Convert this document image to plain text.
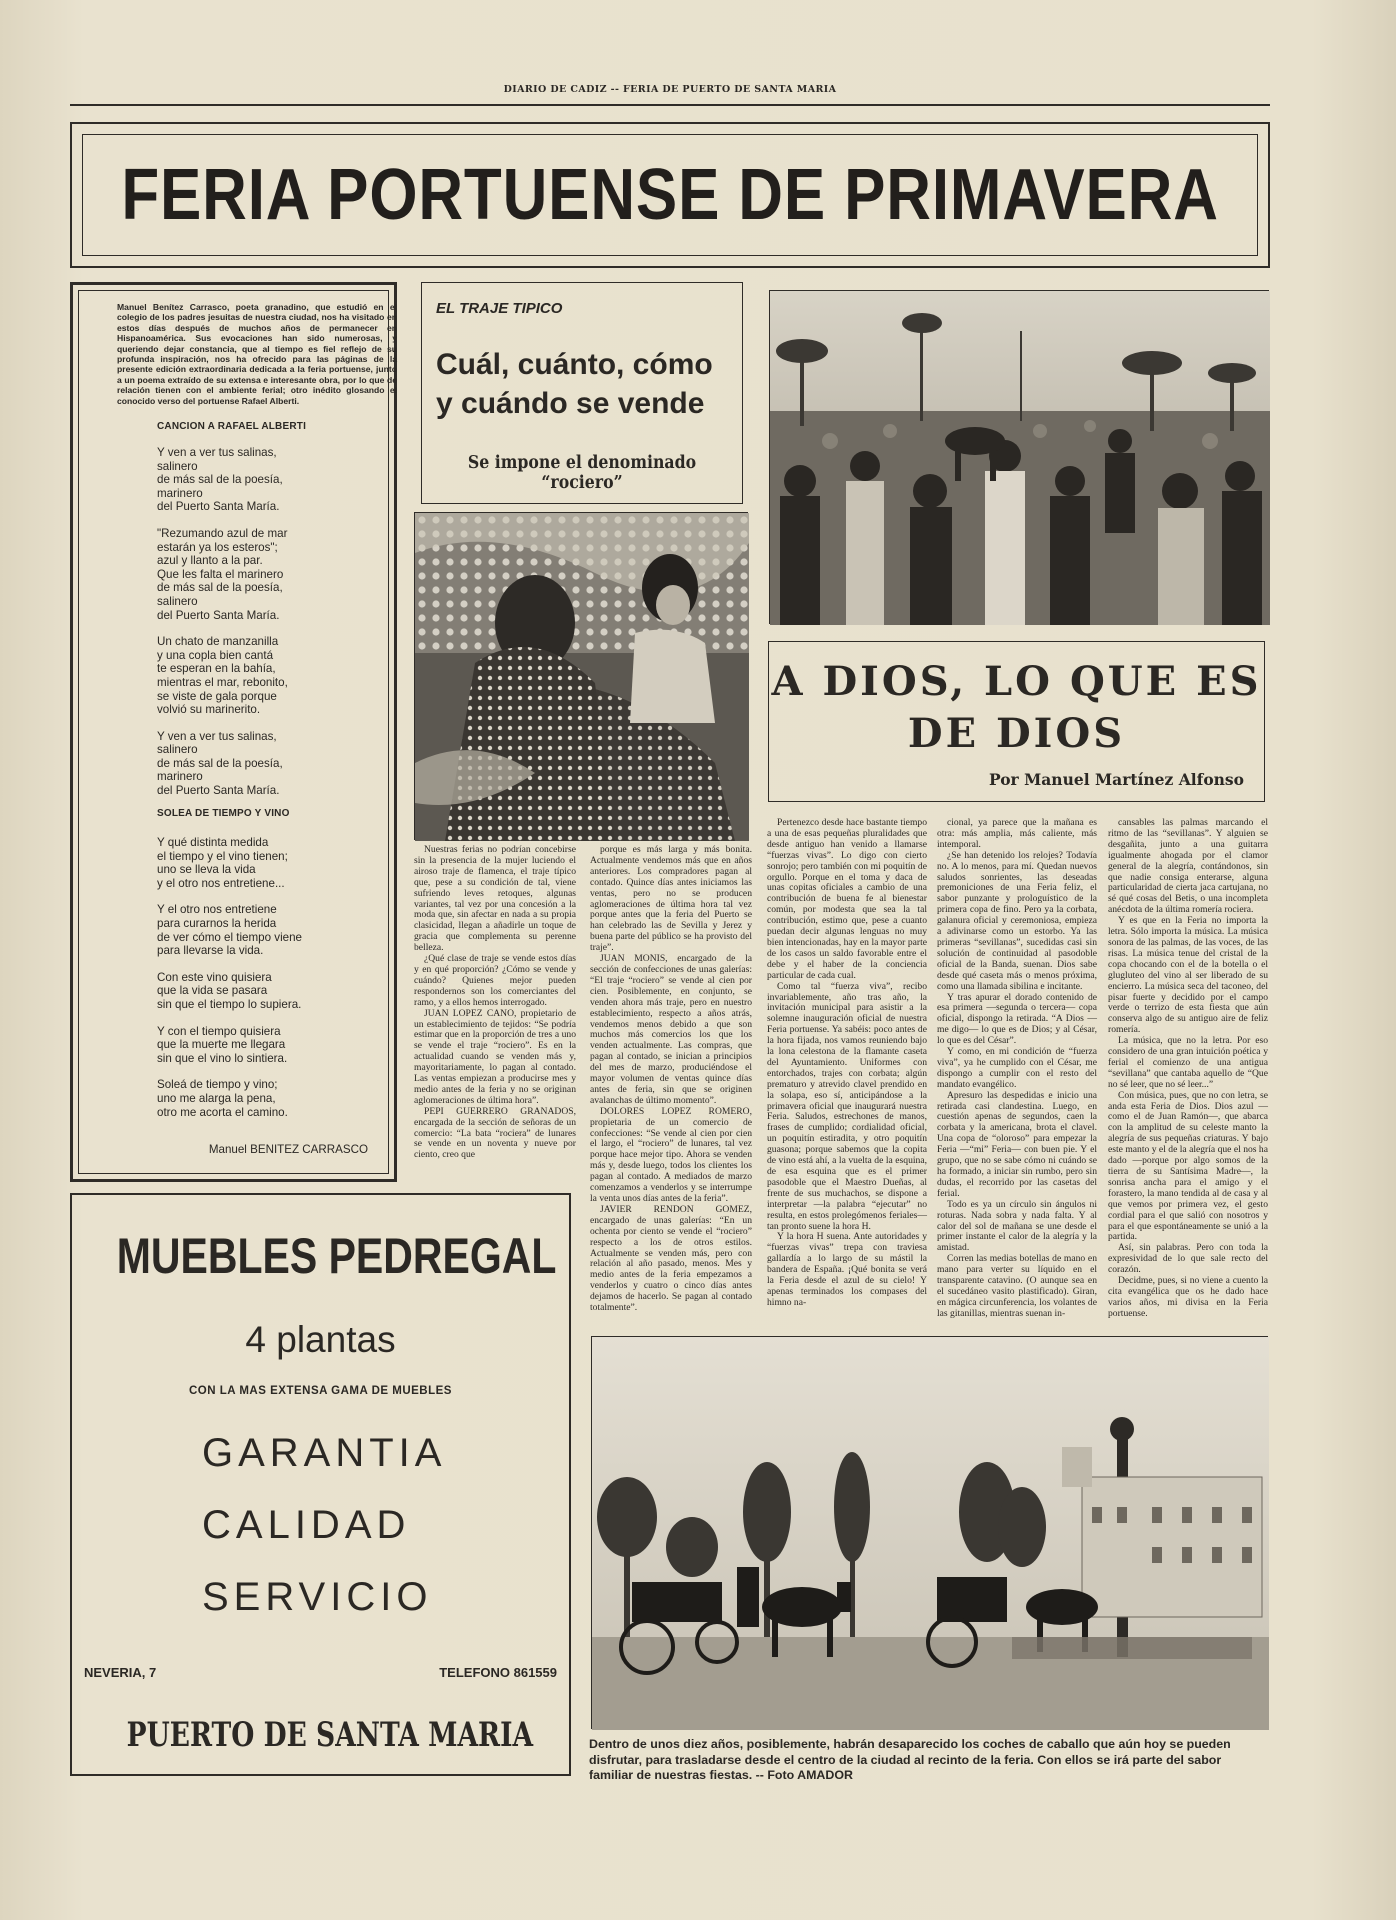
DIARIO DE CADIZ -- FERIA DE PUERTO DE SANTA MARIA
FERIA PORTUENSE DE PRIMAVERA
Manuel Benítez Carrasco, poeta granadino, que estudió en el colegio de los padres jesuitas de nuestra ciudad, nos ha visitado en estos días después de muchos años de permanecer en Hispanoamérica. Sus evocaciones han sido numerosas, y queriendo dejar constancia, que al tiempo es fiel reflejo de su profunda inspiración, nos ha ofrecido para las páginas de la presente edición extraordinaria dedicada a la feria portuense, junto a un poema extraído de su extensa e interesante obra, por lo que de relación tienen con el ambiente ferial; otro inédito glosando el conocido verso del portuense Rafael Alberti.
CANCION A RAFAEL ALBERTI
Y ven a ver tus salinas,
salinero
de más sal de la poesía,
marinero
del Puerto Santa María.
"Rezumando azul de mar
estarán ya los esteros";
azul y llanto a la par.
Que les falta el marinero
de más sal de la poesía,
salinero
del Puerto Santa María.
Un chato de manzanilla
y una copla bien cantá
te esperan en la bahía,
mientras el mar, rebonito,
se viste de gala porque
volvió su marinerito.
Y ven a ver tus salinas,
salinero
de más sal de la poesía,
marinero
del Puerto Santa María.
SOLEA DE TIEMPO Y VINO
Y qué distinta medida
el tiempo y el vino tienen;
uno se lleva la vida
y el otro nos entretiene...
Y el otro nos entretiene
para curarnos la herida
de ver cómo el tiempo viene
para llevarse la vida.
Con este vino quisiera
que la vida se pasara
sin que el tiempo lo supiera.
Y con el tiempo quisiera
que la muerte me llegara
sin que el vino lo sintiera.
Soleá de tiempo y vino;
uno me alarga la pena,
otro me acorta el camino.
Manuel BENITEZ CARRASCO
EL TRAJE TIPICO
Cuál, cuánto, cómo y cuándo se vende
Se impone el denominado “rociero”
A DIOS, LO QUE ES DE DIOS
Por Manuel Martínez Alfonso

Nuestras ferias no podrían concebirse sin la presencia de la mujer luciendo el airoso traje de flamenca, el traje típico que, pese a su condición de tal, viene sufriendo leves retoques, algunas variantes, tal vez por una concesión a la moda que, sin afectar en nada a su propia clasicidad, llegan a añadirle un toque de gracia que complementa su perenne belleza.

¿Qué clase de traje se vende estos días y en qué proporción? ¿Cómo se vende y cuándo? Quienes mejor pueden respondernos son los comerciantes del ramo, y a ellos hemos interrogado.

JUAN LOPEZ CANO, propietario de un establecimiento de tejidos: “Se podría estimar que en la proporción de tres a uno se vende el traje “rociero”. Es en la actualidad cuando se venden más y, mayoritariamente, lo pagan al contado. Las ventas empiezan a producirse mes y medio antes de la feria y no se originan aglomeraciones de última hora”.

PEPI GUERRERO GRANADOS, encargada de la sección de señoras de un comercio: “La bata “rociera” de lunares se vende en un noventa y nueve por ciento, creo que

porque es más larga y más bonita. Actualmente vendemos más que en años anteriores. Los compradores pagan al contado. Quince días antes iniciamos las ventas, pero no se producen aglomeraciones de última hora tal vez porque antes que la feria del Puerto se han celebrado las de Sevilla y Jerez y buena parte del público se ha provisto del traje”.

JUAN MONIS, encargado de la sección de confecciones de unas galerías: “El traje “rociero” se vende al cien por cien. Posiblemente, en conjunto, se venden ahora más traje, pero en nuestro establecimiento, respecto a años atrás, vendemos menos debido a que son muchos más comercios los que los venden actualmente. Las compras, que pagan al contado, se inician a principios del mes de marzo, produciéndose el mayor volumen de ventas quince días antes de feria, sin que se originen avalanchas de último momento”.

DOLORES LOPEZ ROMERO, propietaria de un comercio de confecciones: “Se vende al cien por cien el largo, el “rociero” de lunares, tal vez porque hace mejor tipo. Ahora se venden más y, desde luego, todos los clientes los pagan al contado. A mediados de marzo comenzamos a venderlos y se interrumpe la venta unos días antes de la feria”.

JAVIER RENDON GOMEZ, encargado de unas galerías: “En un ochenta por ciento se vende el “rociero” respecto a los de otros estilos. Actualmente se venden más, pero con relación al año pasado, menos. Mes y medio antes de la feria empezamos a venderlos y cuatro o cinco días antes dejamos de hacerlo. Se pagan al contado totalmente”.

Pertenezco desde hace bastante tiempo a una de esas pequeñas pluralidades que desde antiguo han venido a llamarse “fuerzas vivas”. Lo digo con cierto sonrojo; pero también con mi poquitín de orgullo. Porque en el toma y daca de unas copitas oficiales a cambio de una contribución de buena fe al bienestar común, por modesta que sea la tal contribución, estimo que, pese a cuanto puedan decir algunas lenguas no muy bien intencionadas, hay en la mayor parte de los casos un saldo favorable entre el debe y el haber de la conciencia particular de cada cual.

Como tal “fuerza viva”, recibo invariablemente, año tras año, la invitación municipal para asistir a la solemne inauguración oficial de nuestra Feria portuense. Ya sabéis: poco antes de la hora fijada, nos vamos reuniendo bajo la lona celestona de la flamante caseta del Ayuntamiento. Uniformes con entorchados, trajes con corbata; algún prematuro y atrevido clavel prendido en la solapa, eso sí, anticipándose a la primavera oficial que inaugurará nuestra Feria. Saludos, estrechones de manos, frases de cumplido; cordialidad oficial, un poquitín estiradita, y otro poquitín guasona; porque sabemos que la copita de vino está ahí, a la vuelta de la esquina, de esa esquina que es el primer pasodoble que el Maestro Dueñas, al frente de sus muchachos, se dispone a interpretar —la palabra “ejecutar” no resulta, en estos prolegómenos feriales— tan pronto suene la hora H.

Y la hora H suena. Ante autoridades y “fuerzas vivas” trepa con traviesa gallardía a lo largo de su mástil la bandera de España. ¡Qué bonita se verá la Feria desde el azul de su cielo! Y apenas terminados los compases del himno na-

cional, ya parece que la mañana es otra: más amplia, más caliente, más intemporal.

¿Se han detenido los relojes? Todavía no. A lo menos, para mí. Quedan nuevos saludos sonrientes, las deseadas premoniciones de una Feria feliz, el sabor punzante y prologuístico de la primera copa de fino. Pero ya la corbata, galanura oficial y ceremoniosa, empieza a adivinarse como un estorbo. Ya las primeras “sevillanas”, sucedidas casi sin solución de continuidad al pasodoble oficial de la Banda, suenan. Dios sabe desde qué caseta más o menos próxima, como una llamada sibilina e incitante.

Y tras apurar el dorado contenido de esa primera —segunda o tercera— copa oficial, dispongo la retirada. “A Dios —me digo— lo que es de Dios; y al César, lo que es del César”.

Y como, en mi condición de “fuerza viva”, ya he cumplido con el César, me dispongo a cumplir con el resto del mandato evangélico.

Apresuro las despedidas e inicio una retirada casi clandestina. Luego, en cuestión apenas de segundos, caen la corbata y la americana, brota el clavel. Una copa de “oloroso” para empezar la Feria —“mi” Feria— con buen pie. Y el grupo, que no se sabe cómo ni cuándo se ha formado, a iniciar sin rumbo, pero sin dudas, el recorrido por las casetas del ferial.

Todo es ya un círculo sin ángulos ni roturas. Nada sobra y nada falta. Y al calor del sol de mañana se une desde el primer instante el calor de la alegría y la amistad.

Corren las medias botellas de mano en mano para verter su líquido en el transparente catavino. (O aunque sea en el sucedáneo vasito plastificado). Giran, en mágica circunferencia, los volantes de las gitanillas, mientras suenan in-

cansables las palmas marcando el ritmo de las “sevillanas”. Y alguien se desgañita, junto a una guitarra igualmente ahogada por el clamor general de la alegría, contándonos, sin que nadie consiga enterarse, alguna particularidad de cierta jaca cartujana, no sé qué cosas del Betis, o una incompleta anécdota de la última romería rociera.

Y es que en la Feria no importa la letra. Sólo importa la música. La música sonora de las palmas, de las voces, de las risas. La música tenue del cristal de la copa chocando con el de la botella o el glugluteo del vino al ser liberado de su encierro. La música seca del taconeo, del pisar fuerte y decidido por el campo verde o terrizo de esta fiesta que aún conserva algo de su antiguo aire de feliz romería.

La música, que no la letra. Por eso considero de una gran intuición poética y ferial el comienzo de una antigua “sevillana” que cantaba aquello de “Que no sé leer, que no sé leer...”

Con música, pues, que no con letra, se anda esta Feria de Dios. Dios azul —como el de Juan Ramón—, que abarca con la amplitud de su celeste manto la alegría de sus pequeñas criaturas. Y bajo este manto y el de la alegría que el nos ha dado —porque por algo somos de la tierra de su Santísima Madre—, la sonrisa ancha para el amigo y el forastero, la mano tendida al de casa y al que vemos por primera vez, el gesto cordial para el que salió con nosotros y para el que espontáneamente se unió a la partida.

Así, sin palabras. Pero con toda la expresividad de lo que sale recto del corazón.

Decidme, pues, si no viene a cuento la cita evangélica que os he dado hace varios años, mi divisa en la Feria portuense.

MUEBLES PEDREGAL
4 plantas
CON LA MAS EXTENSA GAMA DE MUEBLES
GARANTIA
CALIDAD
SERVICIO
NEVERIA, 7	TELEFONO 861559
PUERTO DE SANTA MARIA	Dentro de unos diez años, posiblemente, habrán desaparecido los coches de caballo que aún hoy se pueden disfrutar, para trasladarse desde el centro de la ciudad al recinto de la feria. Con ellos se irá parte del sabor familiar de nuestras fiestas. -- Foto AMADOR
